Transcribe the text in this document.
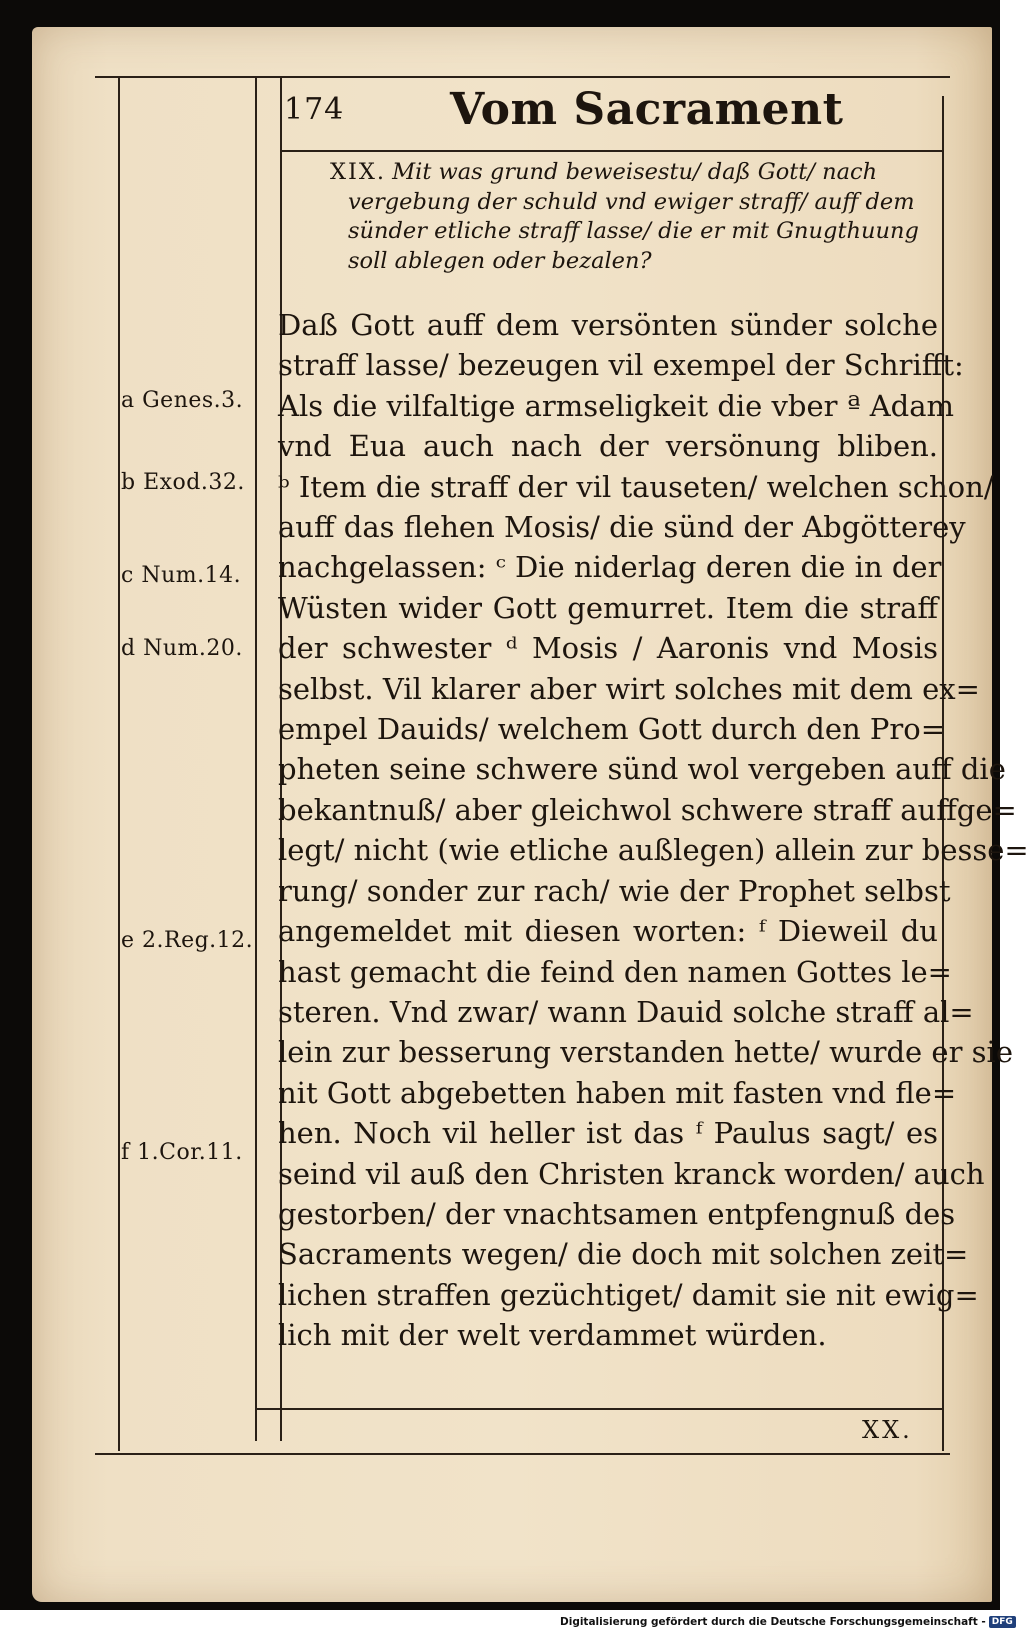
174 Vom Sacrament
XIX. Mit was grund beweisestu/ daß Gott/ nach vergebung der schuld vnd ewiger straff/ auff dem sünder etliche straff lasse/ die er mit Gnugthuung soll ablegen oder bezalen?
Daß Gott auff dem versönten sünder solche
straff lasse/ bezeugen vil exempel der Schrifft:
Als die vilfaltige armseligkeit die vber ª Adam
vnd Eua auch nach der versönung bliben.
ᵇ Item die straff der vil tauseten/ welchen schon/
auff das flehen Mosis/ die sünd der Abgötterey
nachgelassen: ᶜ Die niderlag deren die in der
Wüsten wider Gott gemurret. Item die straff
der schwester ᵈ Mosis / Aaronis vnd Mosis
selbst. Vil klarer aber wirt solches mit dem ex=
empel Dauids/ welchem Gott durch den Pro=
pheten seine schwere sünd wol vergeben auff die
bekantnuß/ aber gleichwol schwere straff auffge=
legt/ nicht (wie etliche außlegen) allein zur besse=
rung/ sonder zur rach/ wie der Prophet selbst
angemeldet mit diesen worten: ᶠ Dieweil du
hast gemacht die feind den namen Gottes le=
steren. Vnd zwar/ wann Dauid solche straff al=
lein zur besserung verstanden hette/ wurde er sie
nit Gott abgebetten haben mit fasten vnd fle=
hen. Noch vil heller ist das ᶠ Paulus sagt/ es
seind vil auß den Christen kranck worden/ auch
gestorben/ der vnachtsamen entpfengnuß des
Sacraments wegen/ die doch mit solchen zeit=
lichen straffen gezüchtiget/ damit sie nit ewig=
lich mit der welt verdammet würden.
a Genes.3.
b Exod.32.
c Num.14.
d Num.20.
e 2.Reg.12.
f 1.Cor.11.
XX.
Digitalisierung gefördert durch die Deutsche Forschungsgemeinschaft - DFG
